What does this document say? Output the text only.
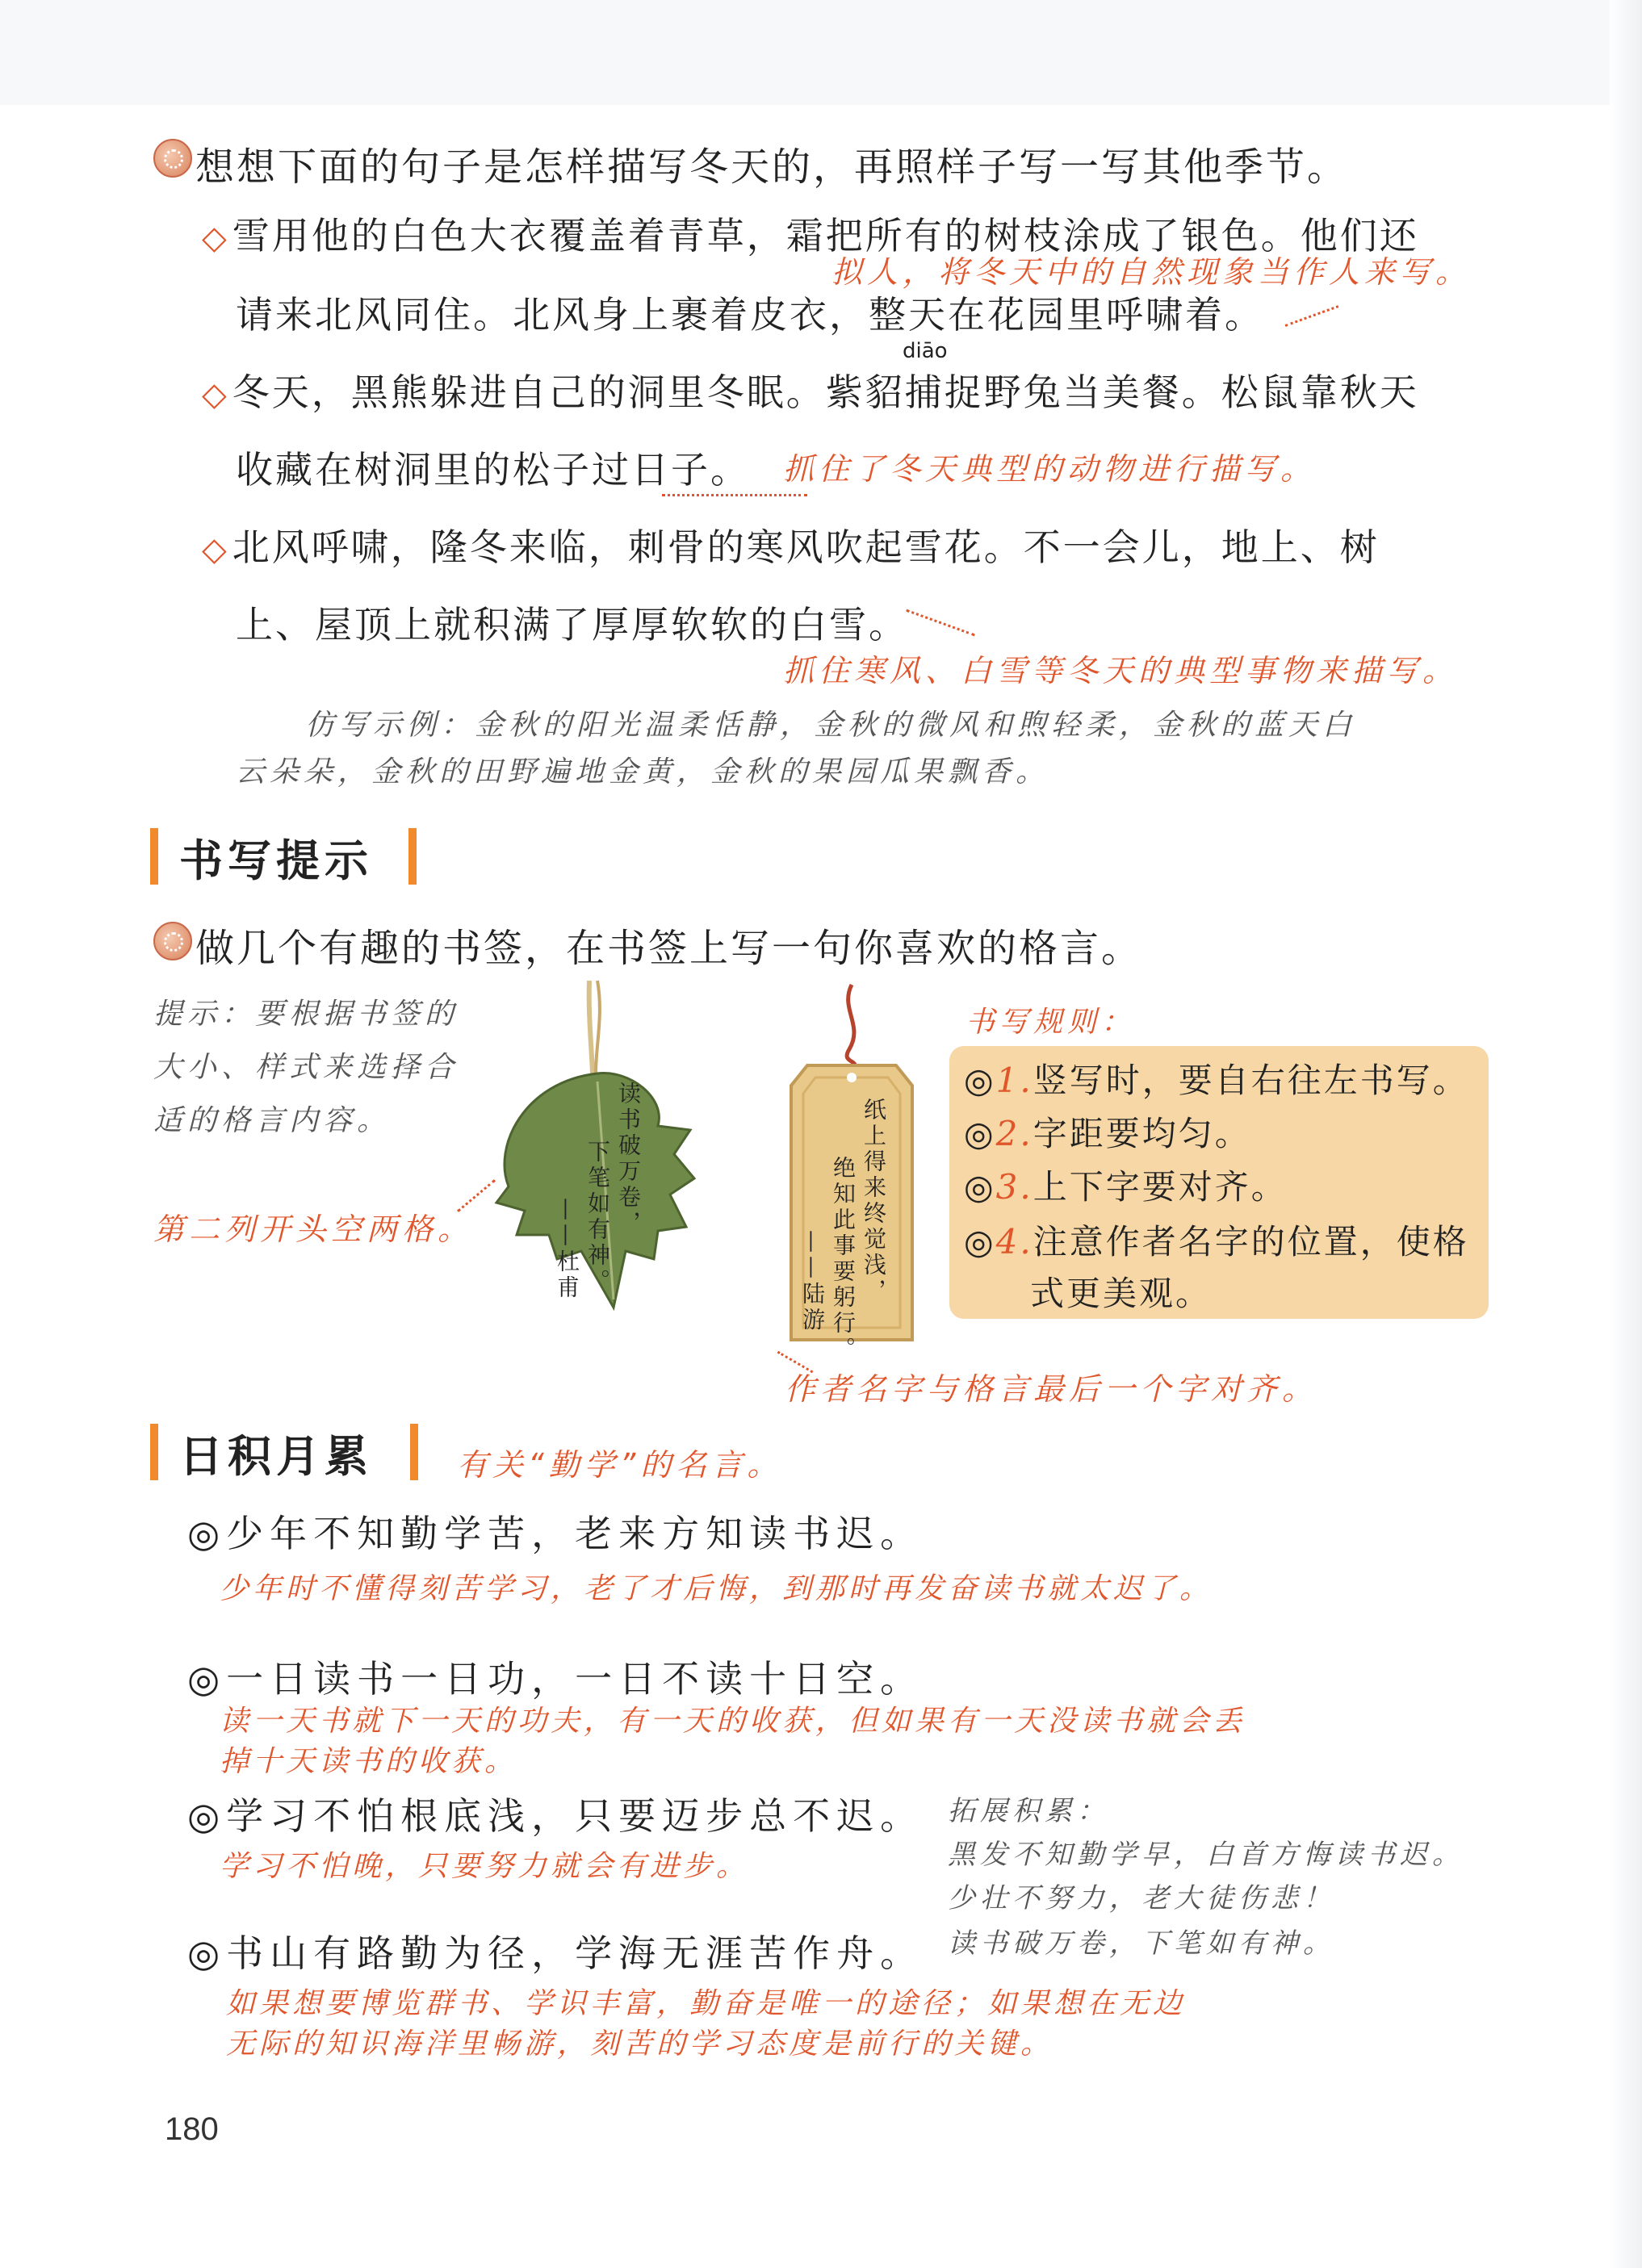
想想下面的句子是怎样描写冬天的，再照样子写一写其他季节。
◇雪用他的白色大衣覆盖着青草，霜把所有的树枝涂成了银色。他们还
拟人，将冬天中的自然现象当作人来写。
请来北风同住。北风身上裹着皮衣，整天在花园里呼啸着。
diāo
◇冬天，黑熊躲进自己的洞里冬眠。紫貂捕捉野兔当美餐。松鼠靠秋天
收藏在树洞里的松子过日子。 抓住了冬天典型的动物进行描写。
◇北风呼啸，隆冬来临，刺骨的寒风吹起雪花。不一会儿，地上、树
上、屋顶上就积满了厚厚软软的白雪。
抓住寒风、白雪等冬天的典型事物来描写。
仿写示例：金秋的阳光温柔恬静，金秋的微风和煦轻柔，金秋的蓝天白
云朵朵，金秋的田野遍地金黄，金秋的果园瓜果飘香。
书写提示
做几个有趣的书签，在书签上写一句你喜欢的格言。
提示：要根据书签的
大小、样式来选择合
适的格言内容。
第二列开头空两格。	读书破万卷，
下笔如有神。
——杜甫	纸上得来终觉浅，
绝知此事要躬行。
——陆游
书写规则：
◎1.竖写时，要自右往左书写。
◎2.字距要均匀。
◎3.上下字要对齐。
◎4.注意作者名字的位置，使格
式更美观。
作者名字与格言最后一个字对齐。
日积月累	有关“勤学”的名言。
◎少年不知勤学苦，老来方知读书迟。
少年时不懂得刻苦学习，老了才后悔，到那时再发奋读书就太迟了。
◎一日读书一日功，一日不读十日空。
读一天书就下一天的功夫，有一天的收获，但如果有一天没读书就会丢
掉十天读书的收获。
◎学习不怕根底浅，只要迈步总不迟。
学习不怕晚，只要努力就会有进步。
◎书山有路勤为径，学海无涯苦作舟。
如果想要博览群书、学识丰富，勤奋是唯一的途径；如果想在无边
无际的知识海洋里畅游，刻苦的学习态度是前行的关键。
拓展积累：
黑发不知勤学早，白首方悔读书迟。
少壮不努力，老大徒伤悲！
读书破万卷，下笔如有神。
180
